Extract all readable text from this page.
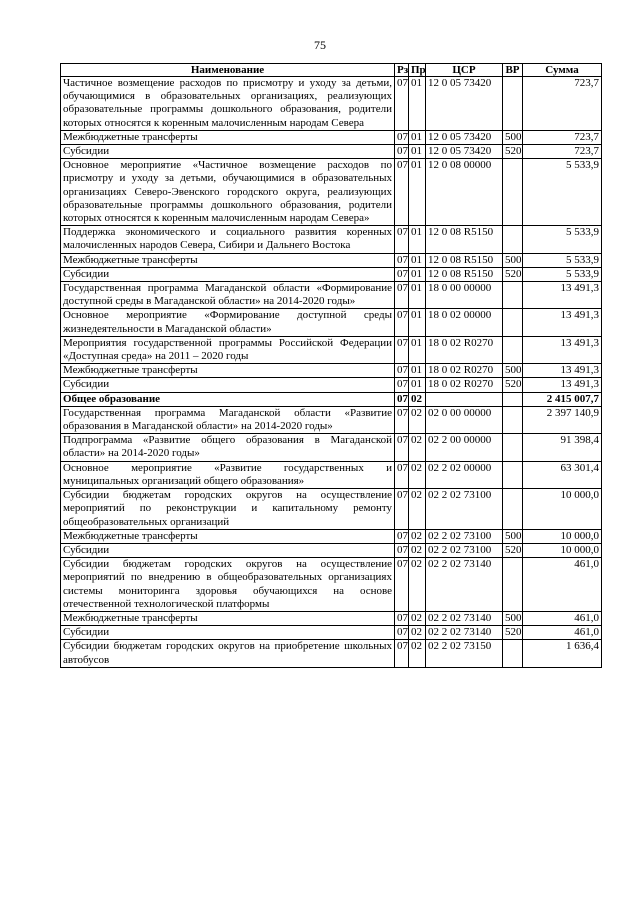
75
Наименование	Рз	Пр	ЦСР	ВР	Сумма
Частичное возмещение расходов по присмотру и уходу за детьми, обучающимися в образовательных организациях, реализующих образовательные программы дошкольного образования, родители которых относятся к коренным малочисленным народам Севера	07	01	12 0 05 73420		723,7
Межбюджетные трансферты	07	01	12 0 05 73420	500	723,7
Субсидии	07	01	12 0 05 73420	520	723,7
Основное мероприятие «Частичное возмещение расходов по присмотру и уходу за детьми, обучающимися в образовательных организациях Северо-Эвенского городского округа, реализующих образовательные программы дошкольного образования, родители которых относятся к коренным малочисленным народам Севера»	07	01	12 0 08 00000		5 533,9
Поддержка экономического и социального развития коренных малочисленных народов Севера, Сибири и Дальнего Востока	07	01	12 0 08 R5150		5 533,9
Межбюджетные трансферты	07	01	12 0 08 R5150	500	5 533,9
Субсидии	07	01	12 0 08 R5150	520	5 533,9
Государственная программа Магаданской области «Формирование доступной среды в Магаданской области» на 2014-2020 годы»	07	01	18 0 00 00000		13 491,3
Основное мероприятие «Формирование доступной среды жизнедеятельности в Магаданской области»	07	01	18 0 02 00000		13 491,3
Мероприятия государственной программы Российской Федерации «Доступная среда» на 2011 – 2020 годы	07	01	18 0 02 R0270		13 491,3
Межбюджетные трансферты	07	01	18 0 02 R0270	500	13 491,3
Субсидии	07	01	18 0 02 R0270	520	13 491,3
Общее образование	07	02			2 415 007,7
Государственная программа Магаданской области «Развитие образования в Магаданской области» на 2014-2020 годы»	07	02	02 0 00 00000		2 397 140,9
Подпрограмма «Развитие общего образования в Магаданской области» на 2014-2020 годы»	07	02	02 2 00 00000		91 398,4
Основное мероприятие «Развитие государственных и муниципальных организаций общего образования»	07	02	02 2 02 00000		63 301,4
Субсидии бюджетам городских округов на осуществление мероприятий по реконструкции и капитальному ремонту общеобразовательных организаций	07	02	02 2 02 73100		10 000,0
Межбюджетные трансферты	07	02	02 2 02 73100	500	10 000,0
Субсидии	07	02	02 2 02 73100	520	10 000,0
Субсидии бюджетам городских округов на осуществление мероприятий по внедрению в общеобразовательных организациях системы мониторинга здоровья обучающихся на основе отечественной технологической платформы	07	02	02 2 02 73140		461,0
Межбюджетные трансферты	07	02	02 2 02 73140	500	461,0
Субсидии	07	02	02 2 02 73140	520	461,0
Субсидии бюджетам городских округов на приобретение школьных автобусов	07	02	02 2 02 73150		1 636,4
